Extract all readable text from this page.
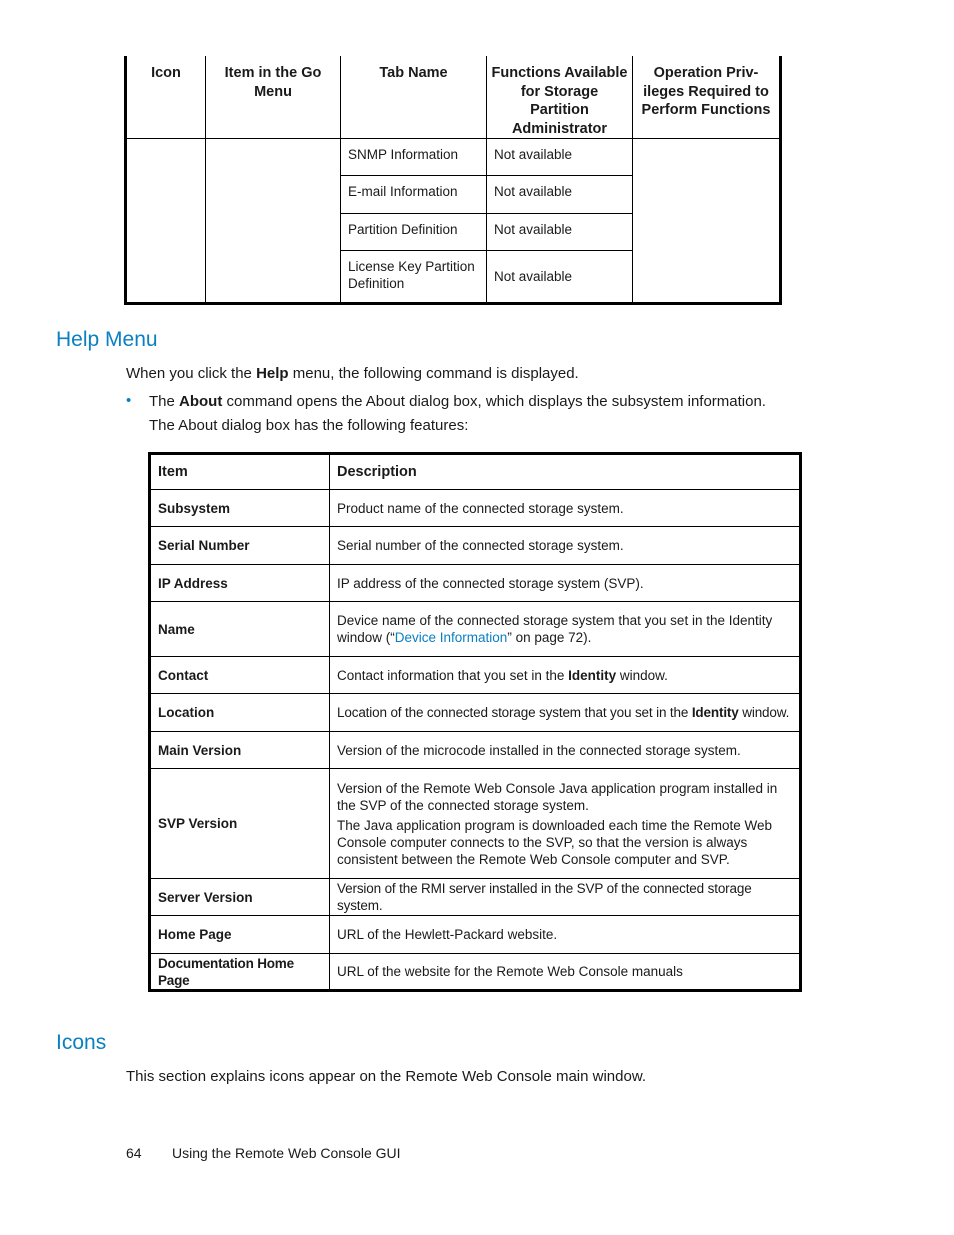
Icon	Item in the Go Menu	Tab Name	Functions Available for Storage Partition Administrator	Operation Priv- ileges Required to Perform Functions
		SNMP Information	Not available	
		E-mail Information	Not available	
		Partition Definition	Not available	
		License Key Partition Definition	Not available	
Help Menu

When you click the Help menu, the following command is displayed.

• The About command opens the About dialog box, which displays the subsystem information.

The About dialog box has the following features:

Item	Description
Subsystem	Product name of the connected storage system.
Serial Number	Serial number of the connected storage system.
IP Address	IP address of the connected storage system (SVP).
Name	Device name of the connected storage system that you set in the Identity window (“Device Information” on page 72).
Contact	Contact information that you set in the Identity window.
Location	Location of the connected storage system that you set in the Identity window.
Main Version	Version of the microcode installed in the connected storage system.
SVP Version	Version of the Remote Web Console Java application program installed in the SVP of the connected storage system.
The Java application program is downloaded each time the Remote Web Console computer connects to the SVP, so that the version is always consistent between the Remote Web Console computer and SVP.

Server Version	Version of the RMI server installed in the SVP of the connected storage system.
Home Page	URL of the Hewlett-Packard website.
Documentation Home Page	URL of the website for the Remote Web Console manuals
Icons

This section explains icons appear on the Remote Web Console main window.

64 Using the Remote Web Console GUI
